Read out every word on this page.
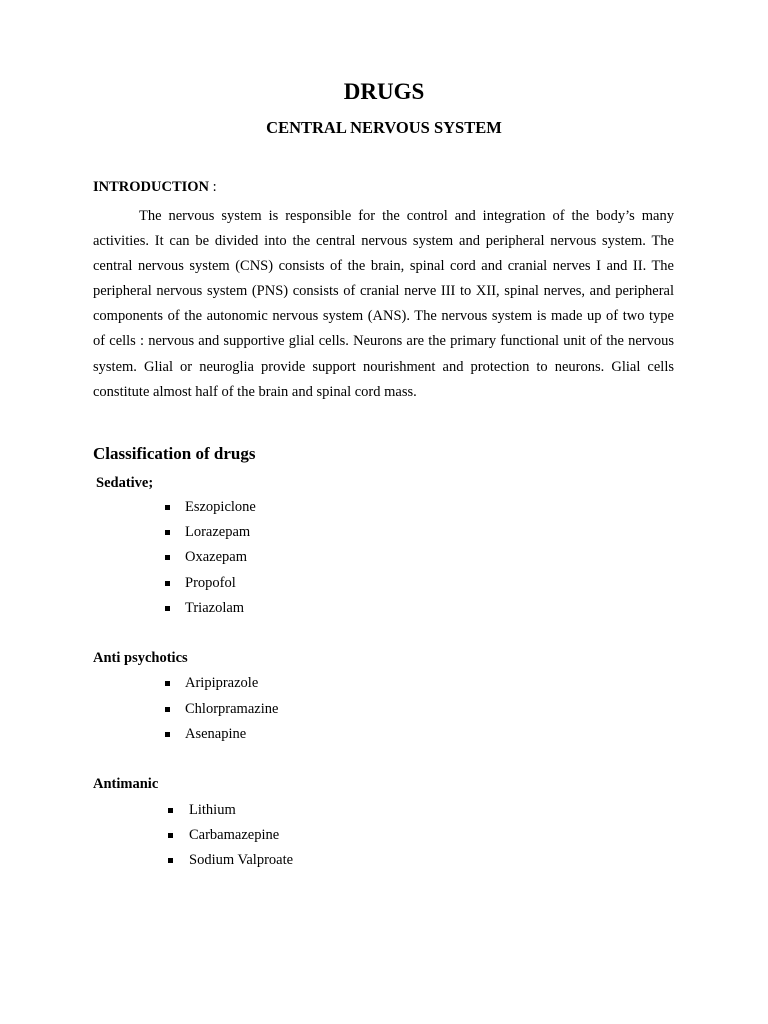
DRUGS
CENTRAL NERVOUS SYSTEM
INTRODUCTION :

The nervous system is responsible for the control and integration of the body’s many activities. It can be divided into the central nervous system and peripheral nervous system. The central nervous system (CNS) consists of the brain, spinal cord and cranial nerves I and II. The peripheral nervous system (PNS) consists of cranial nerve III to XII, spinal nerves, and peripheral components of the autonomic nervous system (ANS). The nervous system is made up of two type of cells : nervous and supportive glial cells. Neurons are the primary functional unit of the nervous system. Glial or neuroglia provide support nourishment and protection to neurons. Glial cells constitute almost half of the brain and spinal cord mass.

Classification of drugs
Sedative;
Eszopiclone
Lorazepam
Oxazepam
Propofol
Triazolam
Anti psychotics
Aripiprazole
Chlorpramazine
Asenapine
Antimanic
Lithium
Carbamazepine
Sodium Valproate
